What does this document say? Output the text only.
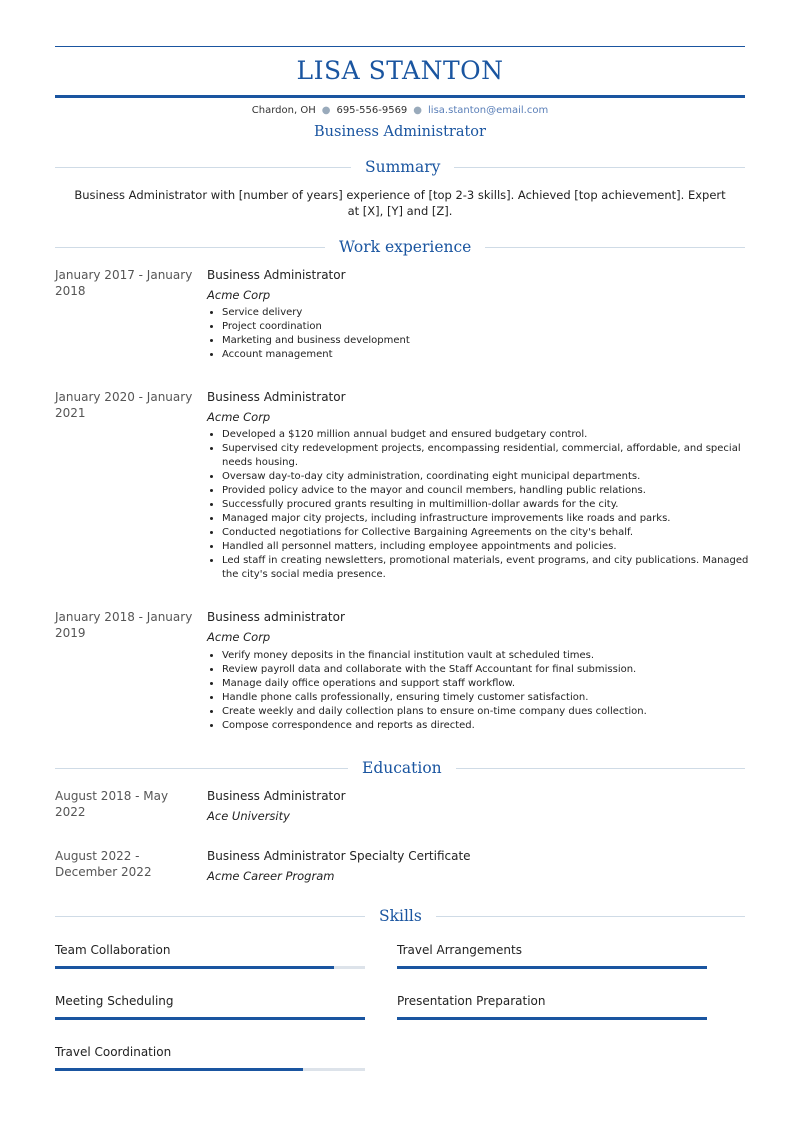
LISA STANTON
Chardon, OH ● 695-556-9569 ● lisa.stanton@email.com
Business Administrator
Summary
Business Administrator with [number of years] experience of [top 2-3 skills]. Achieved [top achievement]. Expert at [X], [Y] and [Z].
Work experience
January 2017 - January 2018
Business Administrator
Acme Corp
• Service delivery
• Project coordination
• Marketing and business development
• Account management
January 2020 - January 2021
Business Administrator
Acme Corp
• Developed a $120 million annual budget and ensured budgetary control.
• Supervised city redevelopment projects, encompassing residential, commercial, affordable, and special needs housing.
• Oversaw day-to-day city administration, coordinating eight municipal departments.
• Provided policy advice to the mayor and council members, handling public relations.
• Successfully procured grants resulting in multimillion-dollar awards for the city.
• Managed major city projects, including infrastructure improvements like roads and parks.
• Conducted negotiations for Collective Bargaining Agreements on the city's behalf.
• Handled all personnel matters, including employee appointments and policies.
• Led staff in creating newsletters, promotional materials, event programs, and city publications. Managed the city's social media presence.
January 2018 - January 2019
Business administrator
Acme Corp
• Verify money deposits in the financial institution vault at scheduled times.
• Review payroll data and collaborate with the Staff Accountant for final submission.
• Manage daily office operations and support staff workflow.
• Handle phone calls professionally, ensuring timely customer satisfaction.
• Create weekly and daily collection plans to ensure on-time company dues collection.
• Compose correspondence and reports as directed.
Education
August 2018 - May 2022
Business Administrator
Ace University
August 2022 - December 2022
Business Administrator Specialty Certificate
Acme Career Program
Skills
Team Collaboration	Travel Arrangements
Meeting Scheduling	Presentation Preparation
Travel Coordination
